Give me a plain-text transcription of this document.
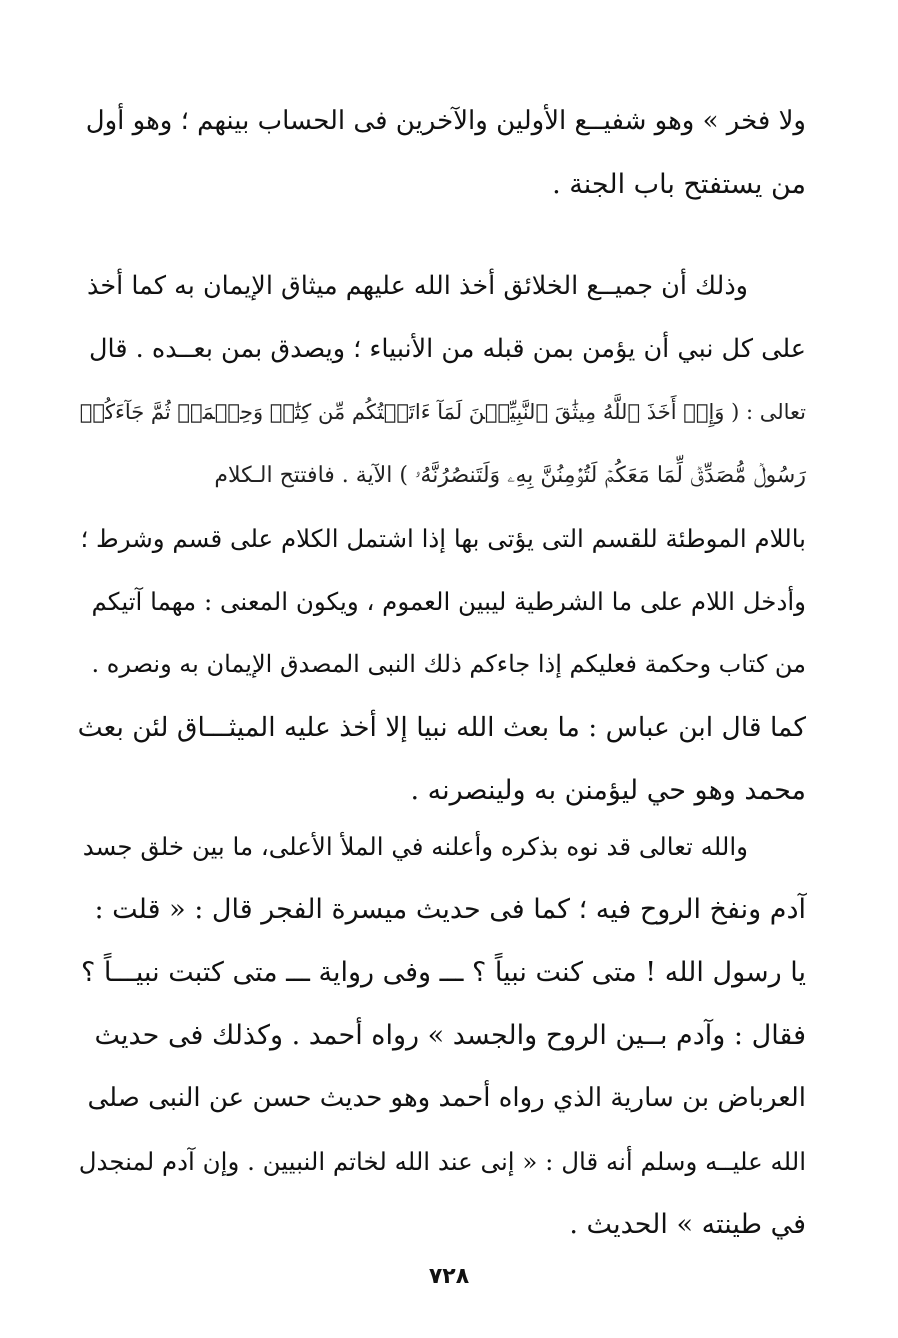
ولا فخر » وهو شفيــع الأولين والآخرين فى الحساب بينهم ؛ وهو أول
من يستفتح باب الجنة .
وذلك أن جميــع الخلائق أخذ الله عليهم ميثاق الإيمان به كما أخذ
على كل نبي أن يؤمن بمن قبله من الأنبياء ؛ ويصدق بمن بعــده . قال
تعالى : ( وَإِذۡ أَخَذَ ٱللَّهُ مِيثَٰقَ ٱلنَّبِيِّـۧنَ لَمَآ ءَاتَيۡتُكُم مِّن كِتَٰبٖ وَحِكۡمَةٖ ثُمَّ جَآءَكُمۡ
رَسُولٞ مُّصَدِّقٞ لِّمَا مَعَكُمۡ لَتُؤۡمِنُنَّ بِهِۦ وَلَتَنصُرُنَّهُۥ ) الآية . فافتتح الـكلام
باللام الموطئة للقسم التى يؤتى بها إذا اشتمل الكلام على قسم وشرط ؛
وأدخل اللام على ما الشرطية ليبين العموم ، ويكون المعنى : مهما آتيكم
من كتاب وحكمة فعليكم إذا جاءكم ذلك النبى المصدق الإيمان به ونصره .
كما قال ابن عباس : ما بعث الله نبيا إلا أخذ عليه الميثـــاق لئن بعث
محمد وهو حي ليؤمنن به ولينصرنه .
والله تعالى قد نوه بذكره وأعلنه في الملأ الأعلى، ما بين خلق جسد
آدم ونفخ الروح فيه ؛ كما فى حديث ميسرة الفجر قال : « قلت :
يا رسول الله ! متى كنت نبياً ؟ ـــ وفى رواية ـــ متى كتبت نبيـــاً ؟
فقال : وآدم بــين الروح والجسد » رواه أحمد . وكذلك فى حديث
العرباض بن سارية الذي رواه أحمد وهو حديث حسن عن النبى صلى
الله عليــه وسلم أنه قال : « إنى عند الله لخاتم النبيين . وإن آدم لمنجدل
في طينته » الحديث .
٧٢٨
